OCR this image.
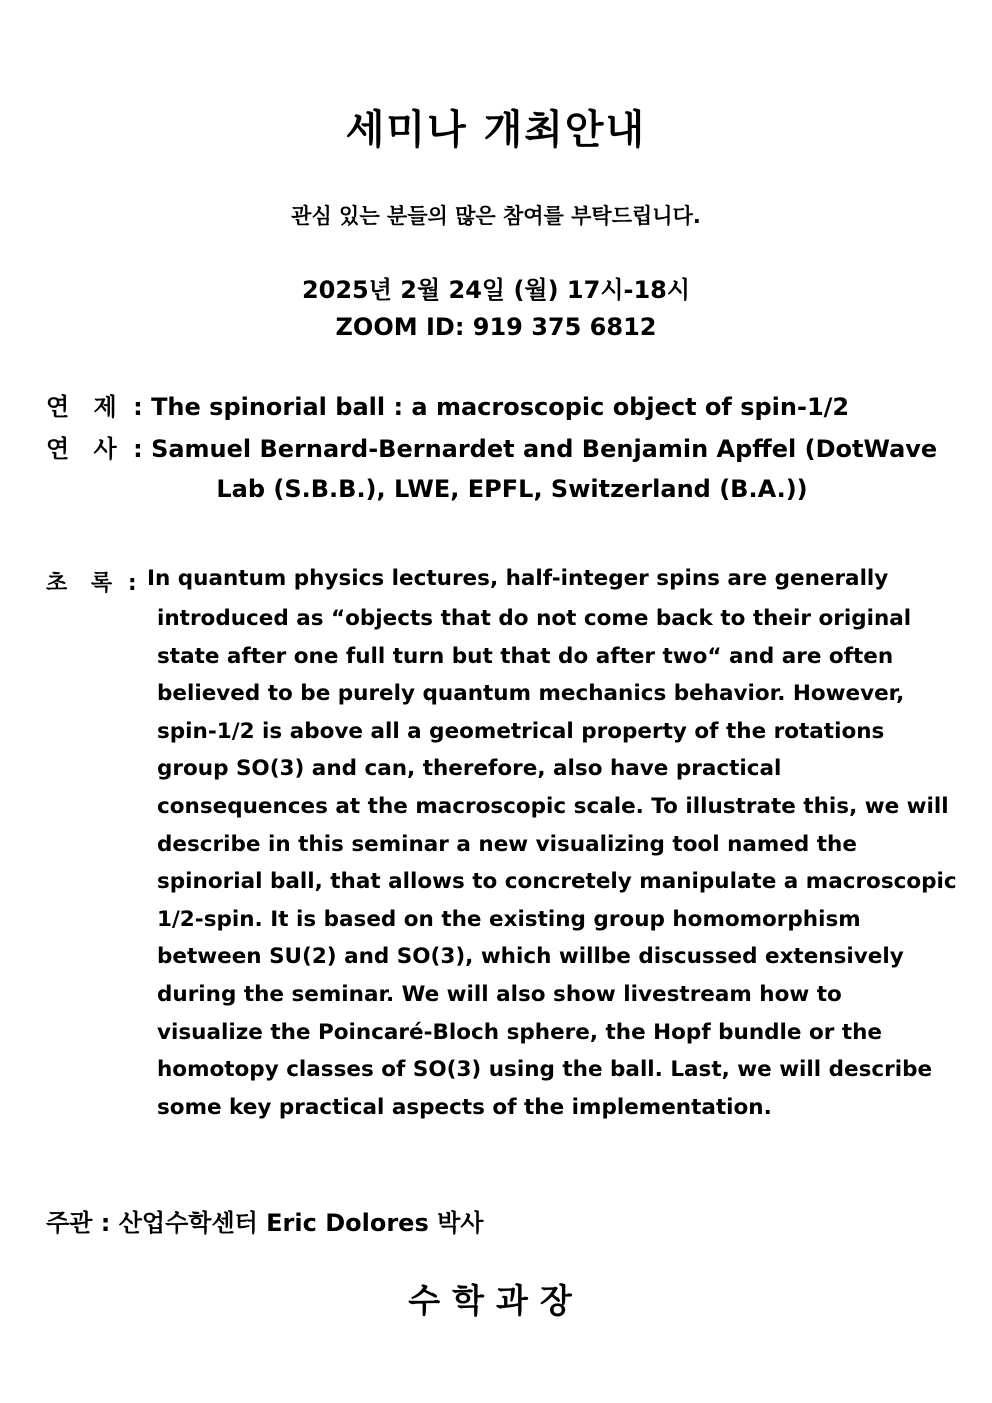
세미나 개최안내
관심 있는 분들의 많은 참여를 부탁드립니다.
2025년 2월 24일 (월) 17시-18시
ZOOM ID: 919 375 6812
연 제 : The spinorial ball : a macroscopic object of spin-1/2
연 사 : Samuel Bernard-Bernardet and Benjamin Apffel (DotWave
Lab (S.B.B.), LWE, EPFL, Switzerland (B.A.))
초 록 : In quantum physics lectures, half-integer spins are generally
introduced as “objects that do not come back to their original
state after one full turn but that do after two“ and are often
believed to be purely quantum mechanics behavior. However,
spin-1/2 is above all a geometrical property of the rotations
group SO(3) and can, therefore, also have practical
consequences at the macroscopic scale. To illustrate this, we will
describe in this seminar a new visualizing tool named the
spinorial ball, that allows to concretely manipulate a macroscopic
1/2-spin. It is based on the existing group homomorphism
between SU(2) and SO(3), which willbe discussed extensively
during the seminar. We will also show livestream how to
visualize the Poincaré-Bloch sphere, the Hopf bundle or the
homotopy classes of SO(3) using the ball. Last, we will describe
some key practical aspects of the implementation.
주관 : 산업수학센터 Eric Dolores 박사
수학과장
